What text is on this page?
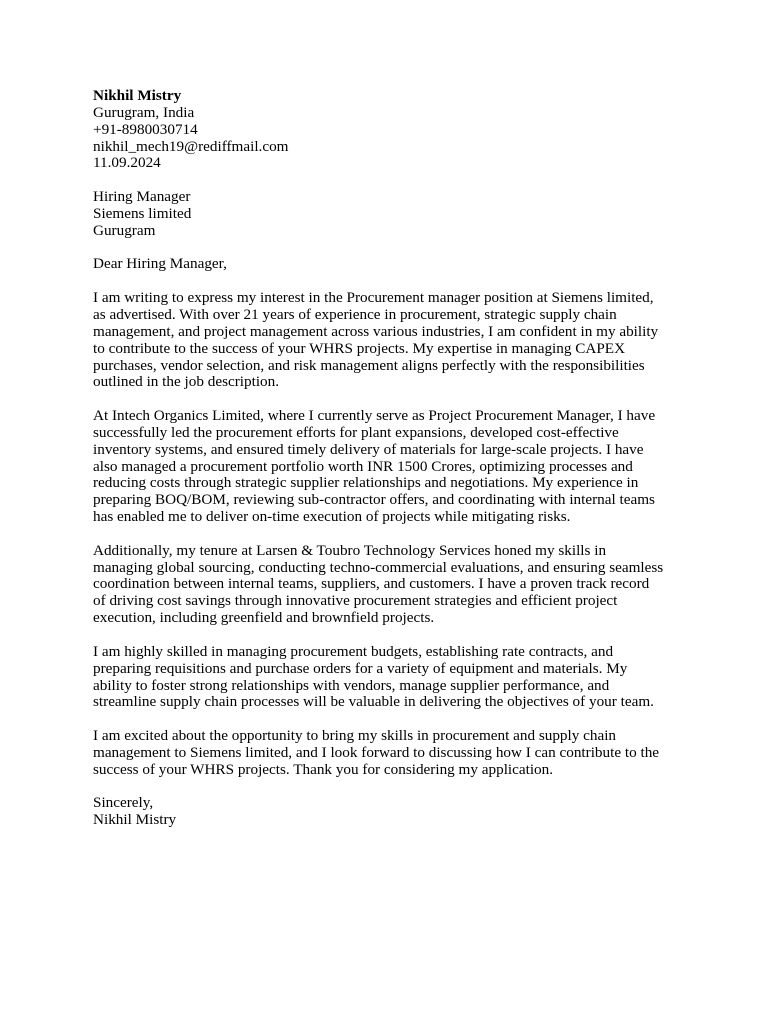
Nikhil Mistry
Gurugram, India
+91-8980030714
nikhil_mech19@rediffmail.com
11.09.2024
Hiring Manager
Siemens limited
Gurugram
Dear Hiring Manager,
I am writing to express my interest in the Procurement manager position at Siemens limited,
as advertised. With over 21 years of experience in procurement, strategic supply chain
management, and project management across various industries, I am confident in my ability
to contribute to the success of your WHRS projects. My expertise in managing CAPEX
purchases, vendor selection, and risk management aligns perfectly with the responsibilities
outlined in the job description.
At Intech Organics Limited, where I currently serve as Project Procurement Manager, I have
successfully led the procurement efforts for plant expansions, developed cost-effective
inventory systems, and ensured timely delivery of materials for large-scale projects. I have
also managed a procurement portfolio worth INR 1500 Crores, optimizing processes and
reducing costs through strategic supplier relationships and negotiations. My experience in
preparing BOQ/BOM, reviewing sub-contractor offers, and coordinating with internal teams
has enabled me to deliver on-time execution of projects while mitigating risks.
Additionally, my tenure at Larsen & Toubro Technology Services honed my skills in
managing global sourcing, conducting techno-commercial evaluations, and ensuring seamless
coordination between internal teams, suppliers, and customers. I have a proven track record
of driving cost savings through innovative procurement strategies and efficient project
execution, including greenfield and brownfield projects.
I am highly skilled in managing procurement budgets, establishing rate contracts, and
preparing requisitions and purchase orders for a variety of equipment and materials. My
ability to foster strong relationships with vendors, manage supplier performance, and
streamline supply chain processes will be valuable in delivering the objectives of your team.
I am excited about the opportunity to bring my skills in procurement and supply chain
management to Siemens limited, and I look forward to discussing how I can contribute to the
success of your WHRS projects. Thank you for considering my application.
Sincerely,
Nikhil Mistry
